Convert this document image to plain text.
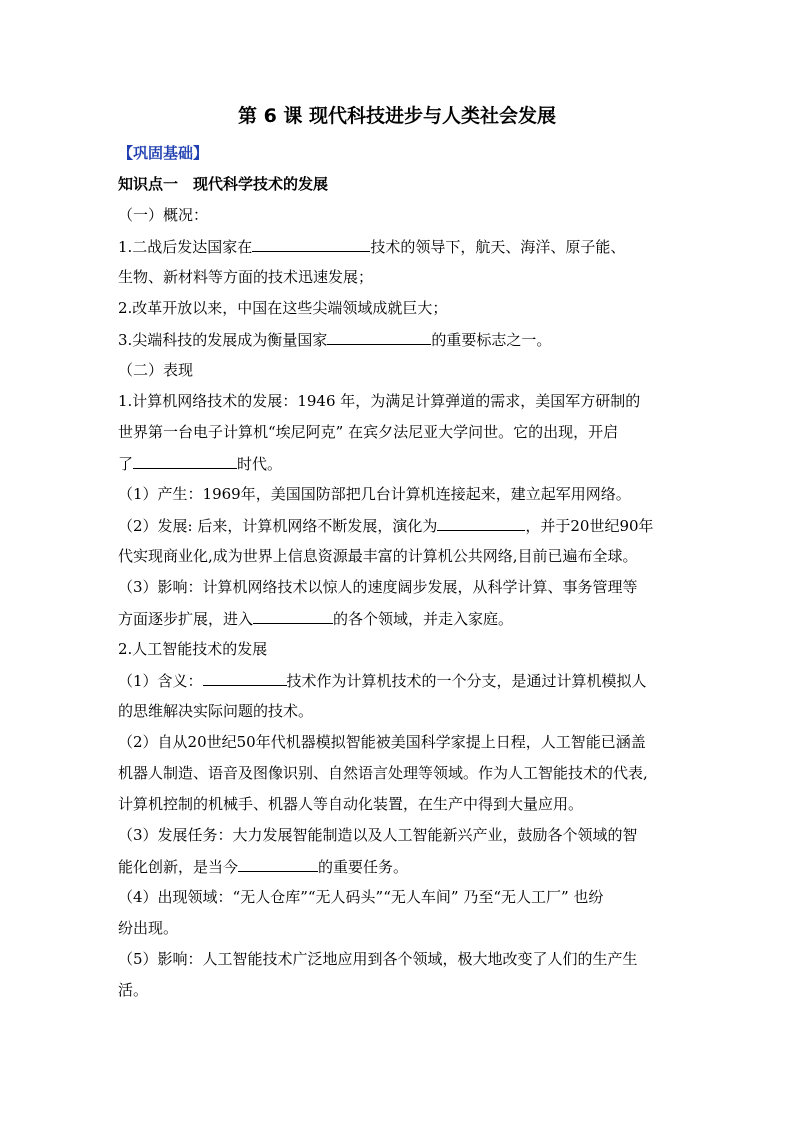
第 6 课 现代科技进步与人类社会发展
【巩固基础】
知识点一　现代科学技术的发展
（一）概况：
1.二战后发达国家在	技术的领导下，航天、海洋、原子能、
生物、新材料等方面的技术迅速发展；
2.改革开放以来，中国在这些尖端领域成就巨大；
3.尖端科技的发展成为衡量国家	的重要标志之一。
（二）表现
1.计算机网络技术的发展：1946 年，为满足计算弹道的需求，美国军方研制的
世界第一台电子计算机“埃尼阿克” 在宾夕法尼亚大学问世。它的出现，开启
了	时代。
（1）产生：1969年，美国国防部把几台计算机连接起来，建立起军用网络。
（2）发展: 后来，计算机网络不断发展，演化为	，并于20世纪90年
代实现商业化,成为世界上信息资源最丰富的计算机公共网络,目前已遍布全球。
（3）影响：计算机网络技术以惊人的速度阔步发展，从科学计算、事务管理等
方面逐步扩展，进入	的各个领域，并走入家庭。
2.人工智能技术的发展
（1）含义：	技术作为计算机技术的一个分支，是通过计算机模拟人
的思维解决实际问题的技术。
（2）自从20世纪50年代机器模拟智能被美国科学家提上日程，人工智能已涵盖
机器人制造、语音及图像识别、自然语言处理等领域。作为人工智能技术的代表,
计算机控制的机械手、机器人等自动化装置，在生产中得到大量应用。
（3）发展任务：大力发展智能制造以及人工智能新兴产业，鼓励各个领域的智
能化创新，是当今	的重要任务。
（4）出现领域：“无人仓库”“无人码头”“无人车间” 乃至“无人工厂” 也纷
纷出现。
（5）影响：人工智能技术广泛地应用到各个领域，极大地改变了人们的生产生
活。
